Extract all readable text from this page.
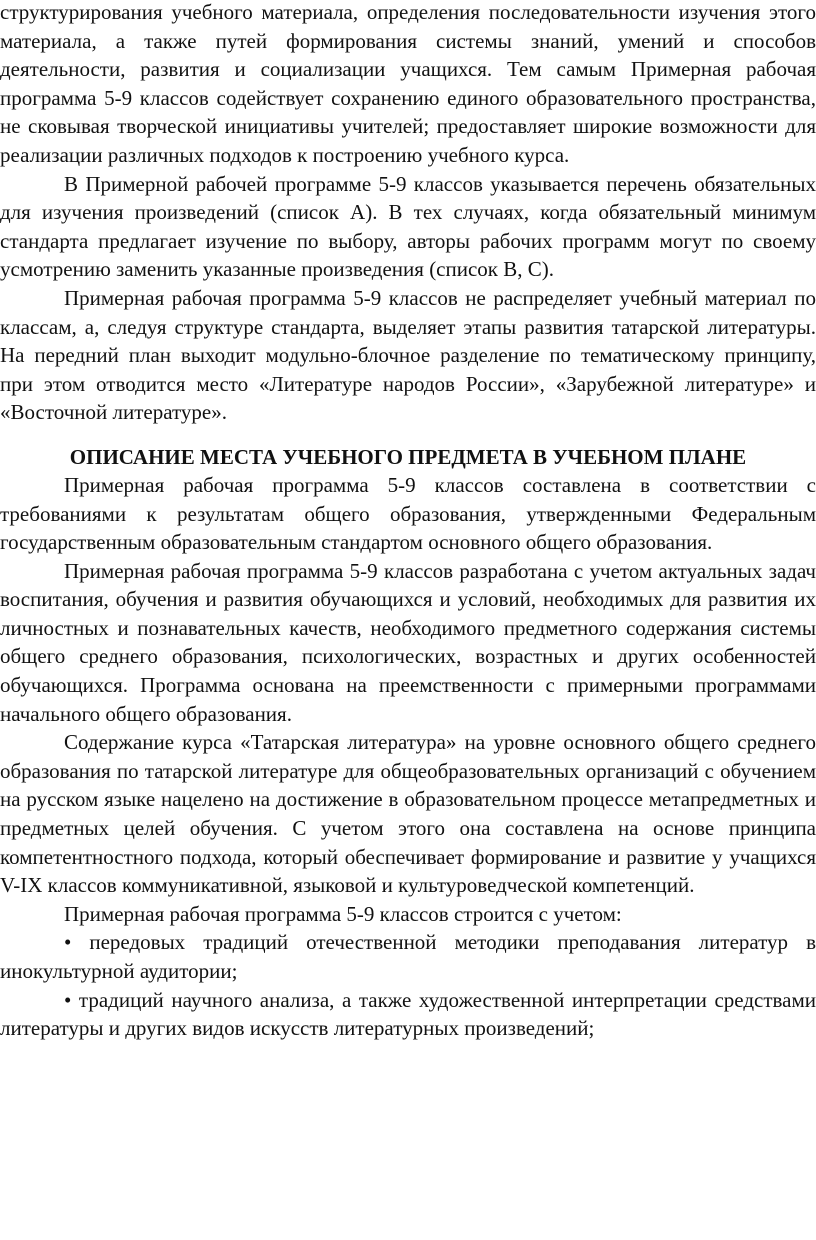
структурирования учебного материала, определения последовательности изучения этого материала, а также путей формирования системы знаний, умений и способов деятельности, развития и социализации учащихся. Тем самым Примерная рабочая программа 5-9 классов содействует сохранению единого образовательного пространства, не сковывая творческой инициативы учителей; предоставляет широкие возможности для реализации различных подходов к построению учебного курса.

В Примерной рабочей программе 5-9 классов указывается перечень обязательных для изучения произведений (список А). В тех случаях, когда обязательный минимум стандарта предлагает изучение по выбору, авторы рабочих программ могут по своему усмотрению заменить указанные произведения (список В, С).

Примерная рабочая программа 5-9 классов не распределяет учебный материал по классам, а, следуя структуре стандарта, выделяет этапы развития татарской литературы. На передний план выходит модульно-блочное разделение по тематическому принципу, при этом отводится место «Литературе народов России», «Зарубежной литературе» и «Восточной литературе».

ОПИСАНИЕ МЕСТА УЧЕБНОГО ПРЕДМЕТА В УЧЕБНОМ ПЛАНЕ

Примерная рабочая программа 5-9 классов составлена в соответствии с требованиями к результатам общего образования, утвержденными Федеральным государственным образовательным стандартом основного общего образования.

Примерная рабочая программа 5-9 классов разработана с учетом актуальных задач воспитания, обучения и развития обучающихся и условий, необходимых для развития их личностных и познавательных качеств, необходимого предметного содержания системы общего среднего образования, психологических, возрастных и других особенностей обучающихся. Программа основана на преемственности с примерными программами начального общего образования.

Содержание курса «Татарская литература» на уровне основного общего среднего образования по татарской литературе для общеобразовательных организаций с обучением на русском языке нацелено на достижение в образовательном процессе метапредметных и предметных целей обучения. С учетом этого она составлена на основе принципа компетентностного подхода, который обеспечивает формирование и развитие у учащихся V-IX классов коммуникативной, языковой и культуроведческой компетенций.

Примерная рабочая программа 5-9 классов строится с учетом:

• передовых традиций отечественной методики преподавания литератур в инокультурной аудитории;

• традиций научного анализа, а также художественной интерпретации средствами литературы и других видов искусств литературных произведений;
